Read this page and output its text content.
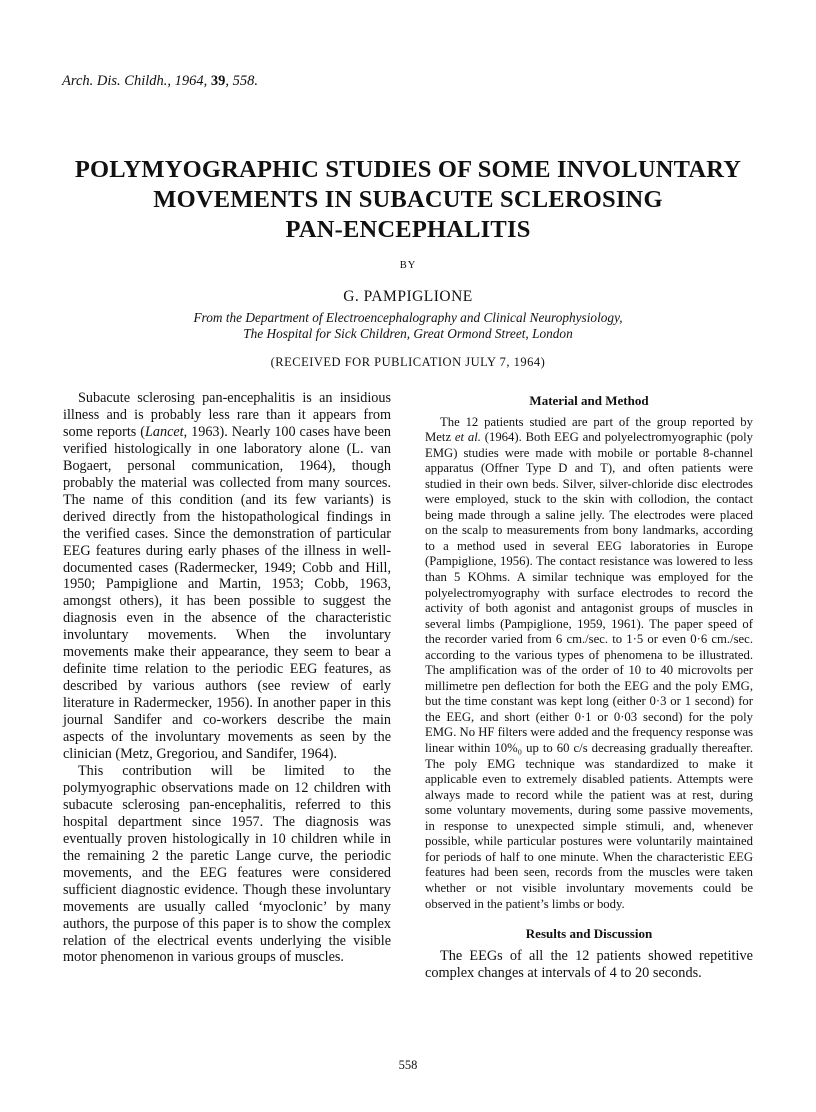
Arch. Dis. Childh., 1964, 39, 558.
POLYMYOGRAPHIC STUDIES OF SOME INVOLUNTARY
MOVEMENTS IN SUBACUTE SCLEROSING
PAN-ENCEPHALITIS
BY
G. PAMPIGLIONE
From the Department of Electroencephalography and Clinical Neurophysiology,
The Hospital for Sick Children, Great Ormond Street, London
(RECEIVED FOR PUBLICATION JULY 7, 1964)

Subacute sclerosing pan-encephalitis is an insidious illness and is probably less rare than it appears from some reports (Lancet, 1963). Nearly 100 cases have been verified histologically in one laboratory alone (L. van Bogaert, personal communication, 1964), though probably the material was collected from many sources. The name of this condition (and its few variants) is derived directly from the histopathological findings in the verified cases. Since the demonstration of particular EEG features during early phases of the illness in well-documented cases (Radermecker, 1949; Cobb and Hill, 1950; Pampiglione and Martin, 1953; Cobb, 1963, amongst others), it has been possible to suggest the diagnosis even in the absence of the characteristic involuntary movements. When the involuntary movements make their appearance, they seem to bear a definite time relation to the periodic EEG features, as described by various authors (see review of early literature in Radermecker, 1956). In another paper in this journal Sandifer and co-workers describe the main aspects of the involuntary movements as seen by the clinician (Metz, Gregoriou, and Sandifer, 1964).

This contribution will be limited to the polymyographic observations made on 12 children with subacute sclerosing pan-encephalitis, referred to this hospital department since 1957. The diagnosis was eventually proven histologically in 10 children while in the remaining 2 the paretic Lange curve, the periodic movements, and the EEG features were considered sufficient diagnostic evidence. Though these involuntary movements are usually called ‘myoclonic’ by many authors, the purpose of this paper is to show the complex relation of the electrical events underlying the visible motor phenomenon in various groups of muscles.

Material and Method

The 12 patients studied are part of the group reported by Metz et al. (1964). Both EEG and polyelectromyographic (poly EMG) studies were made with mobile or portable 8-channel apparatus (Offner Type D and T), and often patients were studied in their own beds. Silver, silver-chloride disc electrodes were employed, stuck to the skin with collodion, the contact being made through a saline jelly. The electrodes were placed on the scalp to measurements from bony landmarks, according to a method used in several EEG laboratories in Europe (Pampiglione, 1956). The contact resistance was lowered to less than 5 KOhms. A similar technique was employed for the polyelectromyography with surface electrodes to record the activity of both agonist and antagonist groups of muscles in several limbs (Pampiglione, 1959, 1961). The paper speed of the recorder varied from 6 cm./sec. to 1·5 or even 0·6 cm./sec. according to the various types of phenomena to be illustrated. The amplification was of the order of 10 to 40 microvolts per millimetre pen deflection for both the EEG and the poly EMG, but the time constant was kept long (either 0·3 or 1 second) for the EEG, and short (either 0·1 or 0·03 second) for the poly EMG. No HF filters were added and the frequency response was linear within 10%₀ up to 60 c/s decreasing gradually thereafter. The poly EMG technique was standardized to make it applicable even to extremely disabled patients. Attempts were always made to record while the patient was at rest, during some voluntary movements, during some passive movements, in response to unexpected simple stimuli, and, whenever possible, while particular postures were voluntarily maintained for periods of half to one minute. When the characteristic EEG features had been seen, records from the muscles were taken whether or not visible involuntary movements could be observed in the patient’s limbs or body.

Results and Discussion

The EEGs of all the 12 patients showed repetitive complex changes at intervals of 4 to 20 seconds.

558
